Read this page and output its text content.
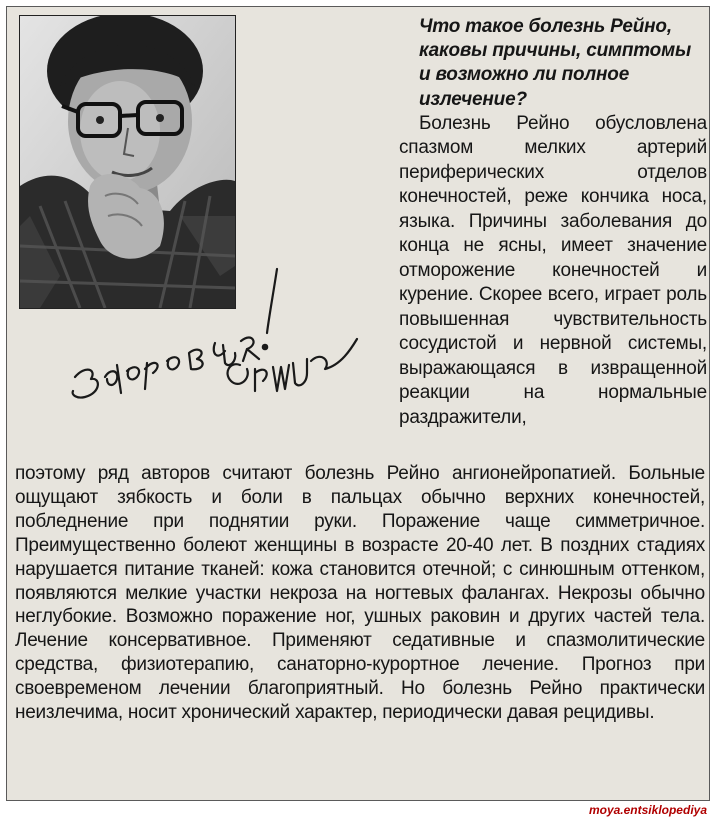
Что такое болезнь Рейно, каковы причины, симптомы и возможно ли полное излечение?

Болезнь Рейно обусловлена спазмом мелких артерий периферических отделов конечностей, реже кончика носа, языка. Причины заболевания до конца не ясны, имеет значение отморожение конечностей и курение. Скорее всего, играет роль повышенная чувствительность сосудистой и нервной системы, выражающаяся в извращенной реакции на нормальные раздражители,

поэтому ряд авторов считают болезнь Рейно ангионейропатией. Больные ощущают зябкость и боли в пальцах обычно верхних конечностей, побледнение при поднятии руки. Поражение чаще симметричное. Преимущественно болеют женщины в возрасте 20-40 лет. В поздних стадиях нарушается питание тканей: кожа становится отечной; с синюшным оттенком, появляются мелкие участки некроза на ногтевых фалангах. Некрозы обычно неглубокие. Возможно поражение ног, ушных раковин и других частей тела. Лечение консервативное. Применяют седативные и спазмолитические средства, физиотерапию, санаторно-курортное лечение. Прогноз при своевременом лечении благоприятный. Но болезнь Рейно практически неизлечима, носит хронический характер, периодически давая рецидивы.

moya.entsiklopediya
